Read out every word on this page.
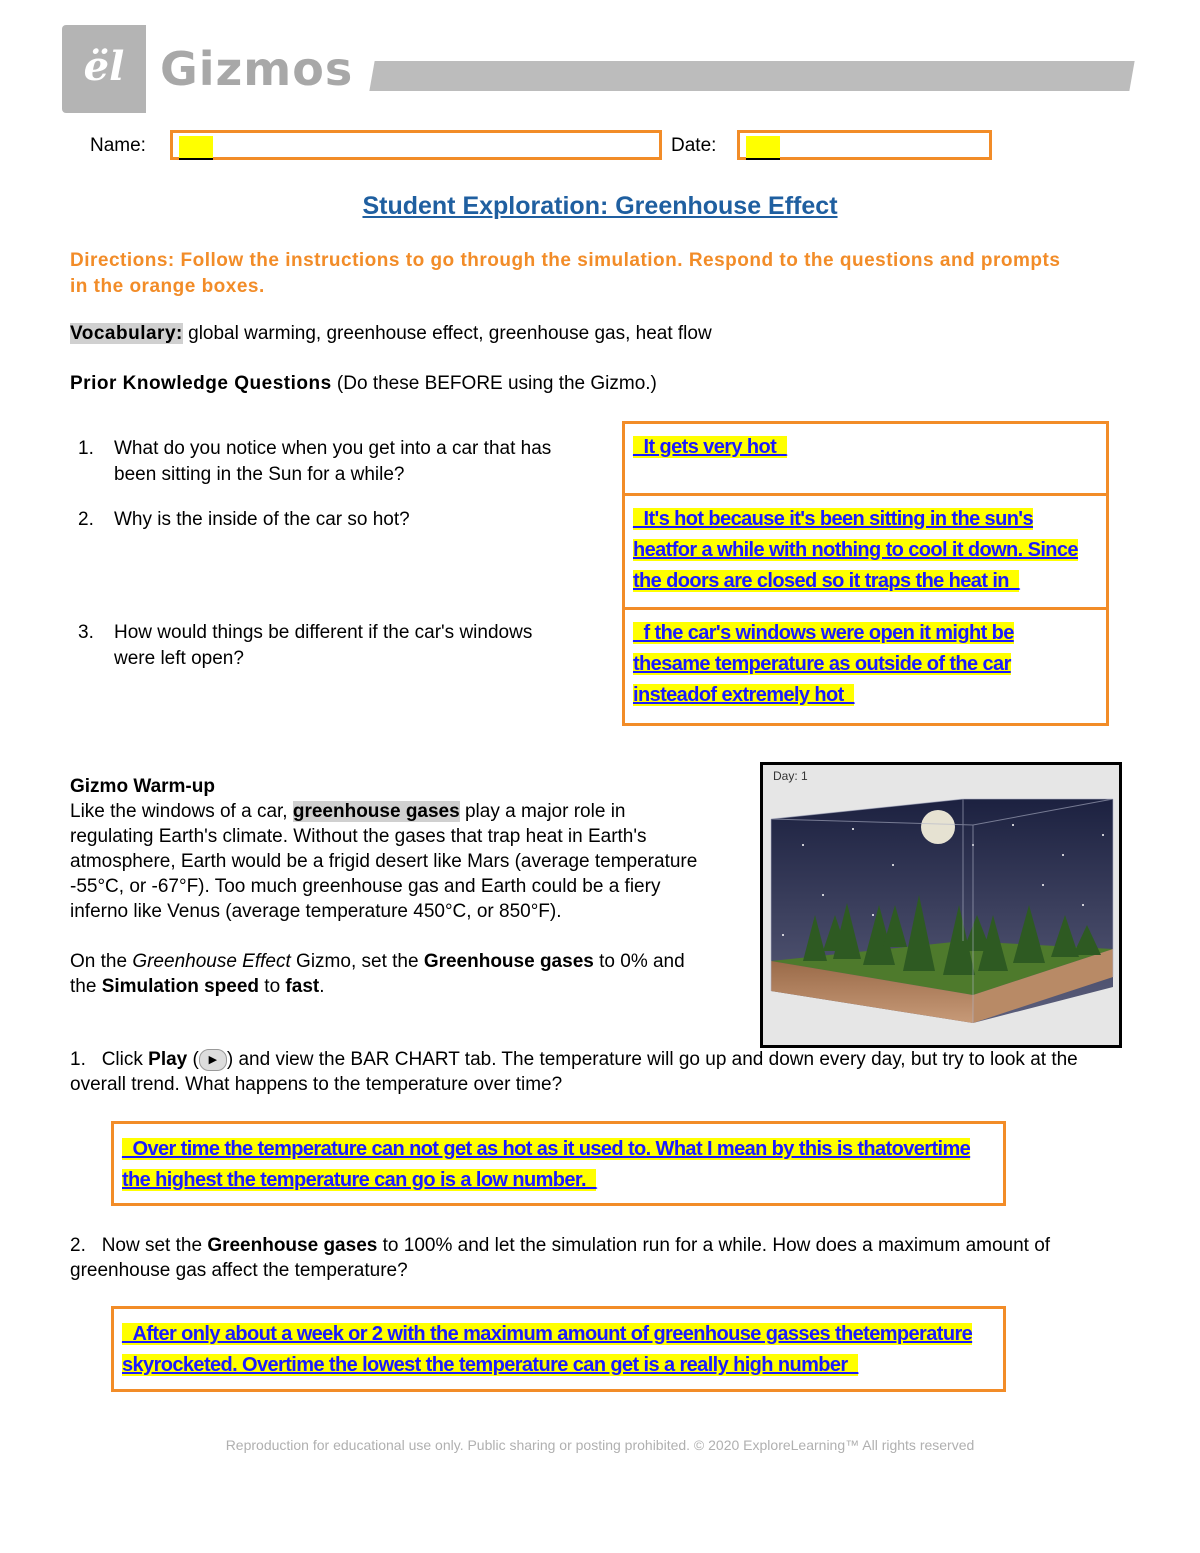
ël Gizmos
Name:	Date:
Student Exploration: Greenhouse Effect
Directions: Follow the instructions to go through the simulation. Respond to the questions and prompts in the orange boxes.
Vocabulary: global warming, greenhouse effect, greenhouse gas, heat flow
Prior Knowledge Questions (Do these BEFORE using the Gizmo.)
1. What do you notice when you get into a car that has
been sitting in the Sun for a while?
2. Why is the inside of the car so hot?
3. How would things be different if the car's windows
were left open?
_It gets very hot_
_It's hot because it's been sitting in the sun's
heatfor a while with nothing to cool it down. Since
the doors are closed so it traps the heat in_
_f the car's windows were open it might be
thesame temperature as outside of the car
insteadof extremely hot_
Gizmo Warm-up
Like the windows of a car, greenhouse gases play a major role in regulating Earth's climate. Without the gases that trap heat in Earth's atmosphere, Earth would be a frigid desert like Mars (average temperature -55°C, or -67°F). Too much greenhouse gas and Earth could be a fiery inferno like Venus (average temperature 450°C, or 850°F).
On the Greenhouse Effect Gizmo, set the Greenhouse gases to 0% and the Simulation speed to fast.
Day: 1
1. Click Play ( ▶ ) and view the BAR CHART tab. The temperature will go up and down every day, but try to look at the overall trend. What happens to the temperature over time?
_Over time the temperature can not get as hot as it used to. What I mean by this is thatovertime
the highest the temperature can go is a low number._
2. Now set the Greenhouse gases to 100% and let the simulation run for a while. How does a maximum amount of greenhouse gas affect the temperature?
_After only about a week or 2 with the maximum amount of greenhouse gasses thetemperature
skyrocketed. Overtime the lowest the temperature can get is a really high number_
Reproduction for educational use only. Public sharing or posting prohibited. © 2020 ExploreLearning™ All rights reserved
